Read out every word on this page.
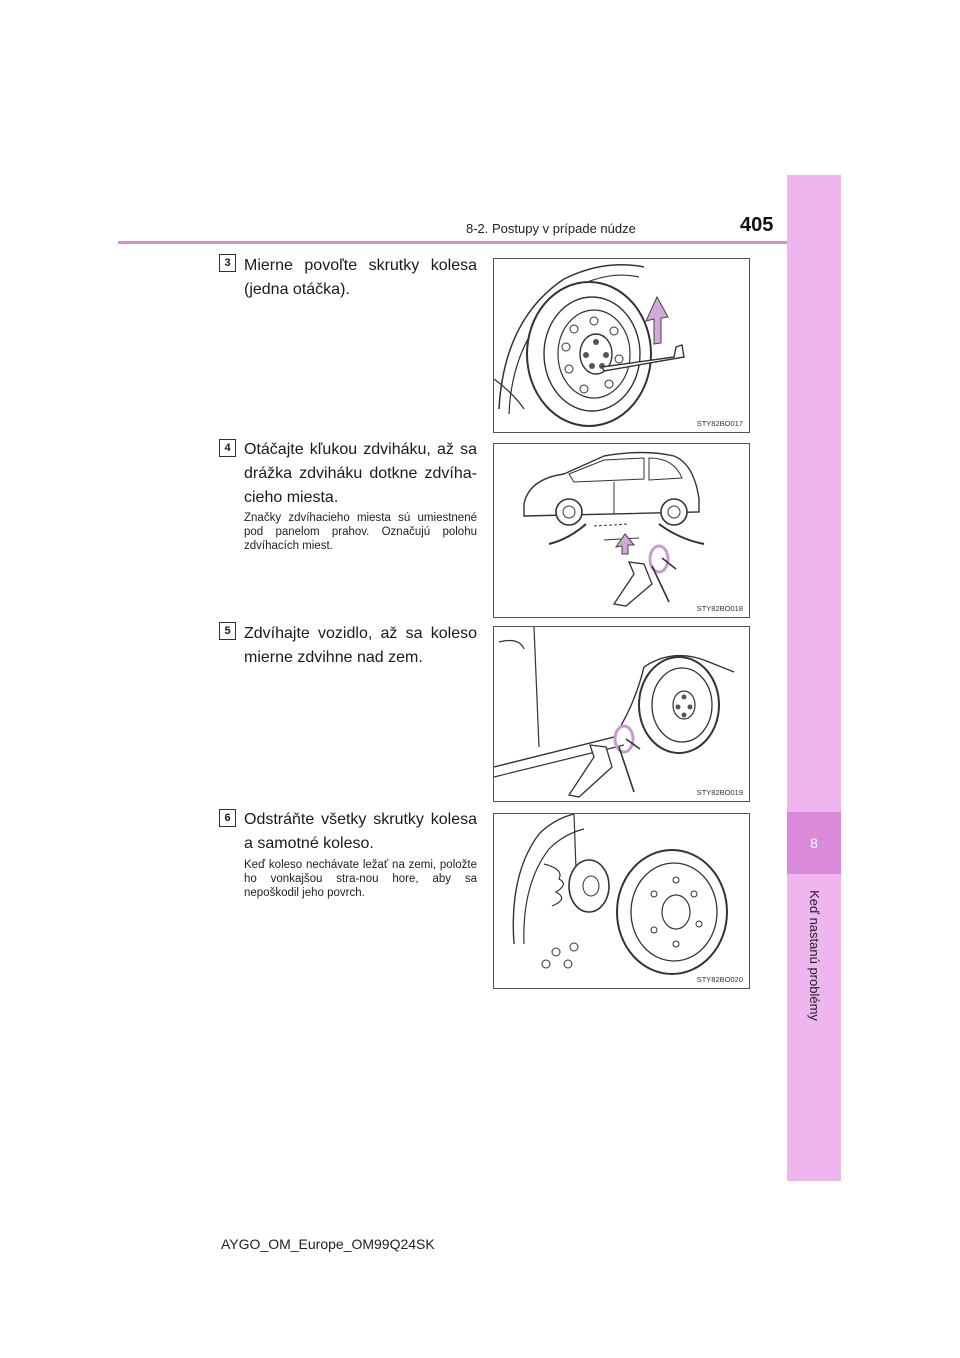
8
Keď nastanú problémy
8-2. Postupy v prípade núdze	405
3 Mierne povoľte skrutky kolesa (jedna otáčka).
STY82BO017
4 Otáčajte kľukou zdviháku, až sa drážka zdviháku dotkne zdvíha-cieho miesta.
Značky zdvíhacieho miesta sú umiestnené pod panelom prahov. Označujú polohu zdvíhacích miest.
STY82BO018
5 Zdvíhajte vozidlo, až sa koleso mierne zdvihne nad zem.
STY82BO019
6 Odstráňte všetky skrutky kolesa a samotné koleso.
Keď koleso nechávate ležať na zemi, položte ho vonkajšou stra-nou hore, aby sa nepoškodil jeho povrch.
STY82BO020
AYGO_OM_Europe_OM99Q24SK
